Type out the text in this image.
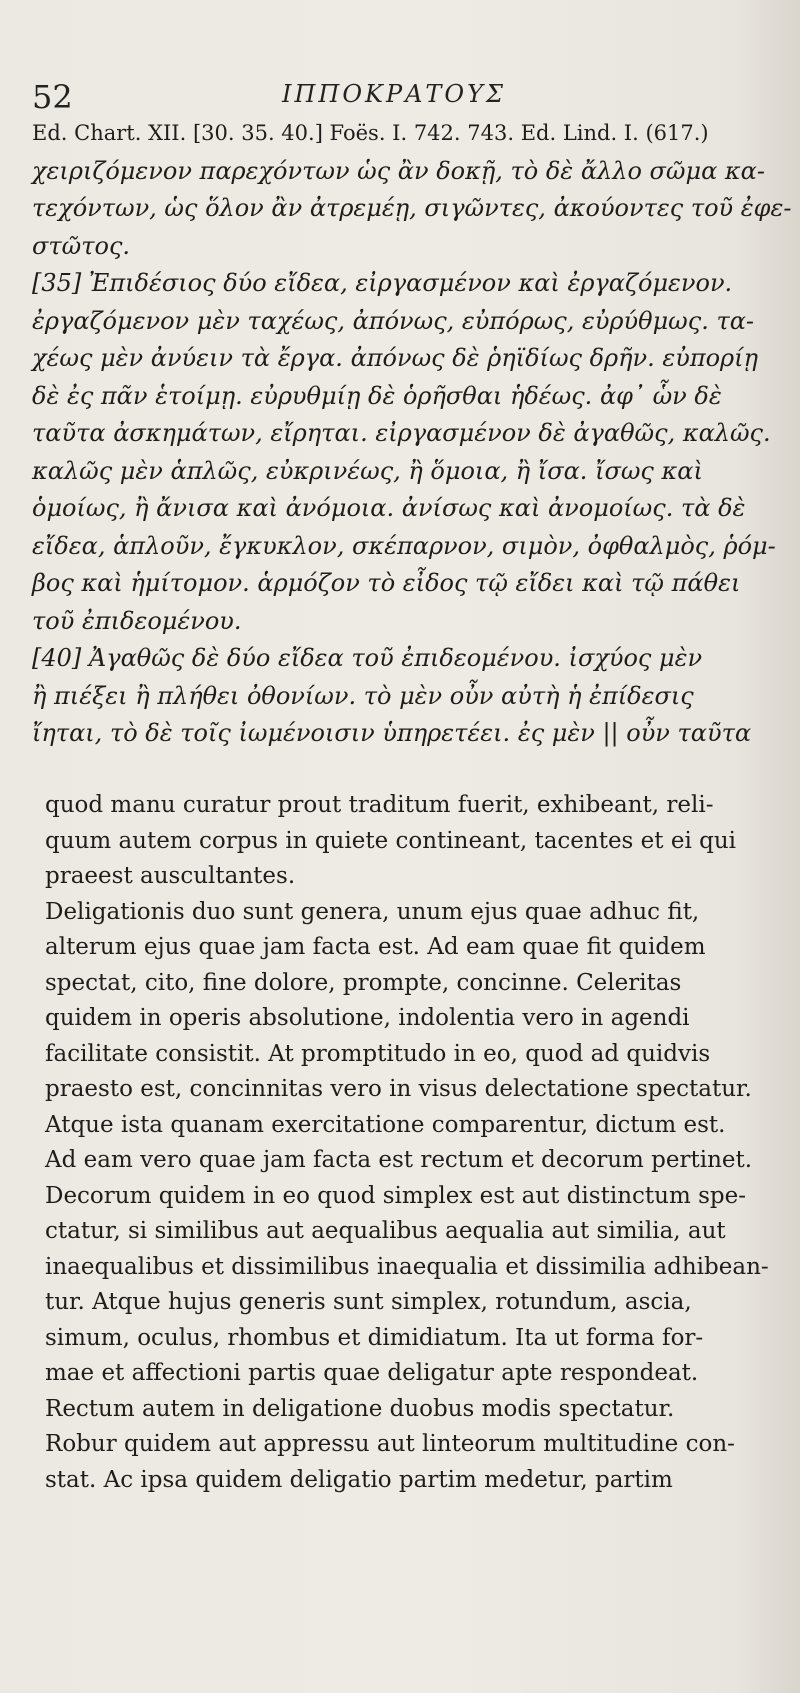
52	ΙΠΠΟΚΡΑΤΟΥΣ
Ed. Chart. XII. [30. 35. 40.] Foës. I. 742. 743. Ed. Lind. I. (617.)
χειριζόμενον παρεχόντων ὡς ἂν δοκῇ, τὸ δὲ ἄλλο σῶμα κα-
τεχόντων, ὡς ὅλον ἂν ἀτρεμέῃ, σιγῶντες, ἀκούοντες τοῦ ἐφε-
στῶτος.
[35] Ἐπιδέσιος δύο εἴδεα, εἰργασμένον καὶ ἐργαζόμενον.
ἐργαζόμενον μὲν ταχέως, ἀπόνως, εὐπόρως, εὐρύθμως. τα-
χέως μὲν ἀνύειν τὰ ἔργα. ἀπόνως δὲ ῥηϊδίως δρῆν. εὐπορίῃ
δὲ ἐς πᾶν ἑτοίμῃ. εὐρυθμίῃ δὲ ὁρῆσθαι ἡδέως. ἀφ᾽ ὧν δὲ
ταῦτα ἀσκημάτων, εἴρηται. εἰργασμένον δὲ ἀγαθῶς, καλῶς.
καλῶς μὲν ἁπλῶς, εὐκρινέως, ἢ ὅμοια, ἢ ἴσα. ἴσως καὶ
ὁμοίως, ἢ ἄνισα καὶ ἀνόμοια. ἀνίσως καὶ ἀνομοίως. τὰ δὲ
εἴδεα, ἁπλοῦν, ἔγκυκλον, σκέπαρνον, σιμὸν, ὀφθαλμὸς, ῥόμ-
βος καὶ ἡμίτομον. ἁρμόζον τὸ εἶδος τῷ εἴδει καὶ τῷ πάθει
τοῦ ἐπιδεομένου.
[40] Ἀγαθῶς δὲ δύο εἴδεα τοῦ ἐπιδεομένου. ἰσχύος μὲν
ἢ πιέξει ἢ πλήθει ὀθονίων. τὸ μὲν οὖν αὐτὴ ἡ ἐπίδεσις
ἴηται, τὸ δὲ τοῖς ἰωμένοισιν ὑπηρετέει. ἐς μὲν || οὖν ταῦτα
quod manu curatur prout traditum fuerit, exhibeant, reli-
quum autem corpus in quiete contineant, tacentes et ei qui
praeest auscultantes.
Deligationis duo sunt genera, unum ejus quae adhuc fit,
alterum ejus quae jam facta est. Ad eam quae fit quidem
spectat, cito, fine dolore, prompte, concinne. Celeritas
quidem in operis absolutione, indolentia vero in agendi
facilitate consistit. At promptitudo in eo, quod ad quidvis
praesto est, concinnitas vero in visus delectatione spectatur.
Atque ista quanam exercitatione comparentur, dictum est.
Ad eam vero quae jam facta est rectum et decorum pertinet.
Decorum quidem in eo quod simplex est aut distinctum spe-
ctatur, si similibus aut aequalibus aequalia aut similia, aut
inaequalibus et dissimilibus inaequalia et dissimilia adhibean-
tur. Atque hujus generis sunt simplex, rotundum, ascia,
simum, oculus, rhombus et dimidiatum. Ita ut forma for-
mae et affectioni partis quae deligatur apte respondeat.
Rectum autem in deligatione duobus modis spectatur.
Robur quidem aut appressu aut linteorum multitudine con-
stat. Ac ipsa quidem deligatio partim medetur, partim
